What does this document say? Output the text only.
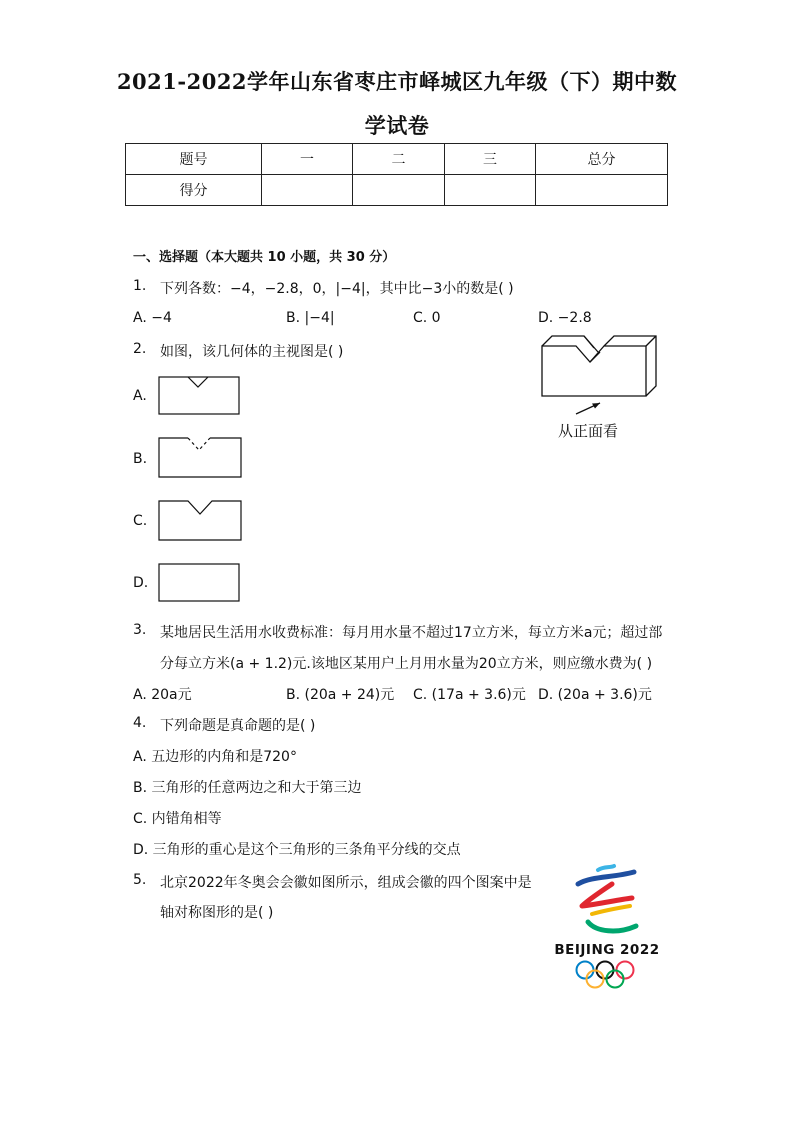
2021-2022学年山东省枣庄市峄城区九年级（下）期中数
学试卷
题号	一	二	三	总分
得分				
一、选择题（本大题共 10 小题，共 30 分）
1. 下列各数：−4，−2.8，0，|−4|，其中比−3小的数是( )
A. −4	B. |−4|	C. 0	D. −2.8
2. 如图，该几何体的主视图是( )
从正面看
A.
B.
C.
D.
3. 某地居民生活用水收费标准：每月用水量不超过17立方米，每立方米a元；超过部
分每立方米(a + 1.2)元.该地区某用户上月用水量为20立方米，则应缴水费为( )
A. 20a元	B. (20a + 24)元 C. (17a + 3.6)元 D. (20a + 3.6)元
4. 下列命题是真命题的是( )
A. 五边形的内角和是720°
B. 三角形的任意两边之和大于第三边
C. 内错角相等
D. 三角形的重心是这个三角形的三条角平分线的交点
5. 北京2022年冬奥会会徽如图所示，组成会徽的四个图案中是
轴对称图形的是( )
BEIJING 2022
